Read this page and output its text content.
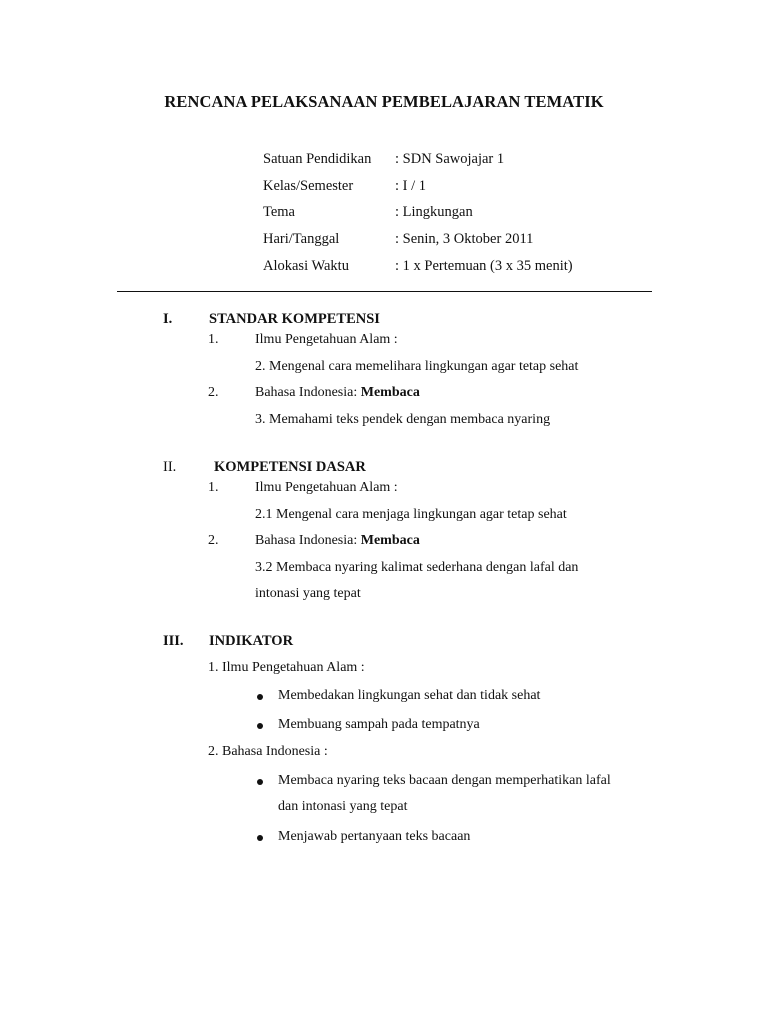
RENCANA PELAKSANAAN PEMBELAJARAN TEMATIK
Satuan Pendidikan : SDN Sawojajar 1
Kelas/Semester	: I / 1
Tema	: Lingkungan
Hari/Tanggal	: Senin, 3 Oktober 2011
Alokasi Waktu	: 1 x Pertemuan (3 x 35 menit)
I.	STANDAR KOMPETENSI
1.	Ilmu Pengetahuan Alam :
2. Mengenal cara memelihara lingkungan agar tetap sehat
2.	Bahasa Indonesia: Membaca
3. Memahami teks pendek dengan membaca nyaring
II.	KOMPETENSI DASAR
1.	Ilmu Pengetahuan Alam :
2.1 Mengenal cara menjaga lingkungan agar tetap sehat
2.	Bahasa Indonesia: Membaca
3.2 Membaca nyaring kalimat sederhana dengan lafal dan
intonasi yang tepat
III. INDIKATOR
1. Ilmu Pengetahuan Alam :
Membedakan lingkungan sehat dan tidak sehat
Membuang sampah pada tempatnya
2. Bahasa Indonesia :
Membaca nyaring teks bacaan dengan memperhatikan lafal
dan intonasi yang tepat
Menjawab pertanyaan teks bacaan
